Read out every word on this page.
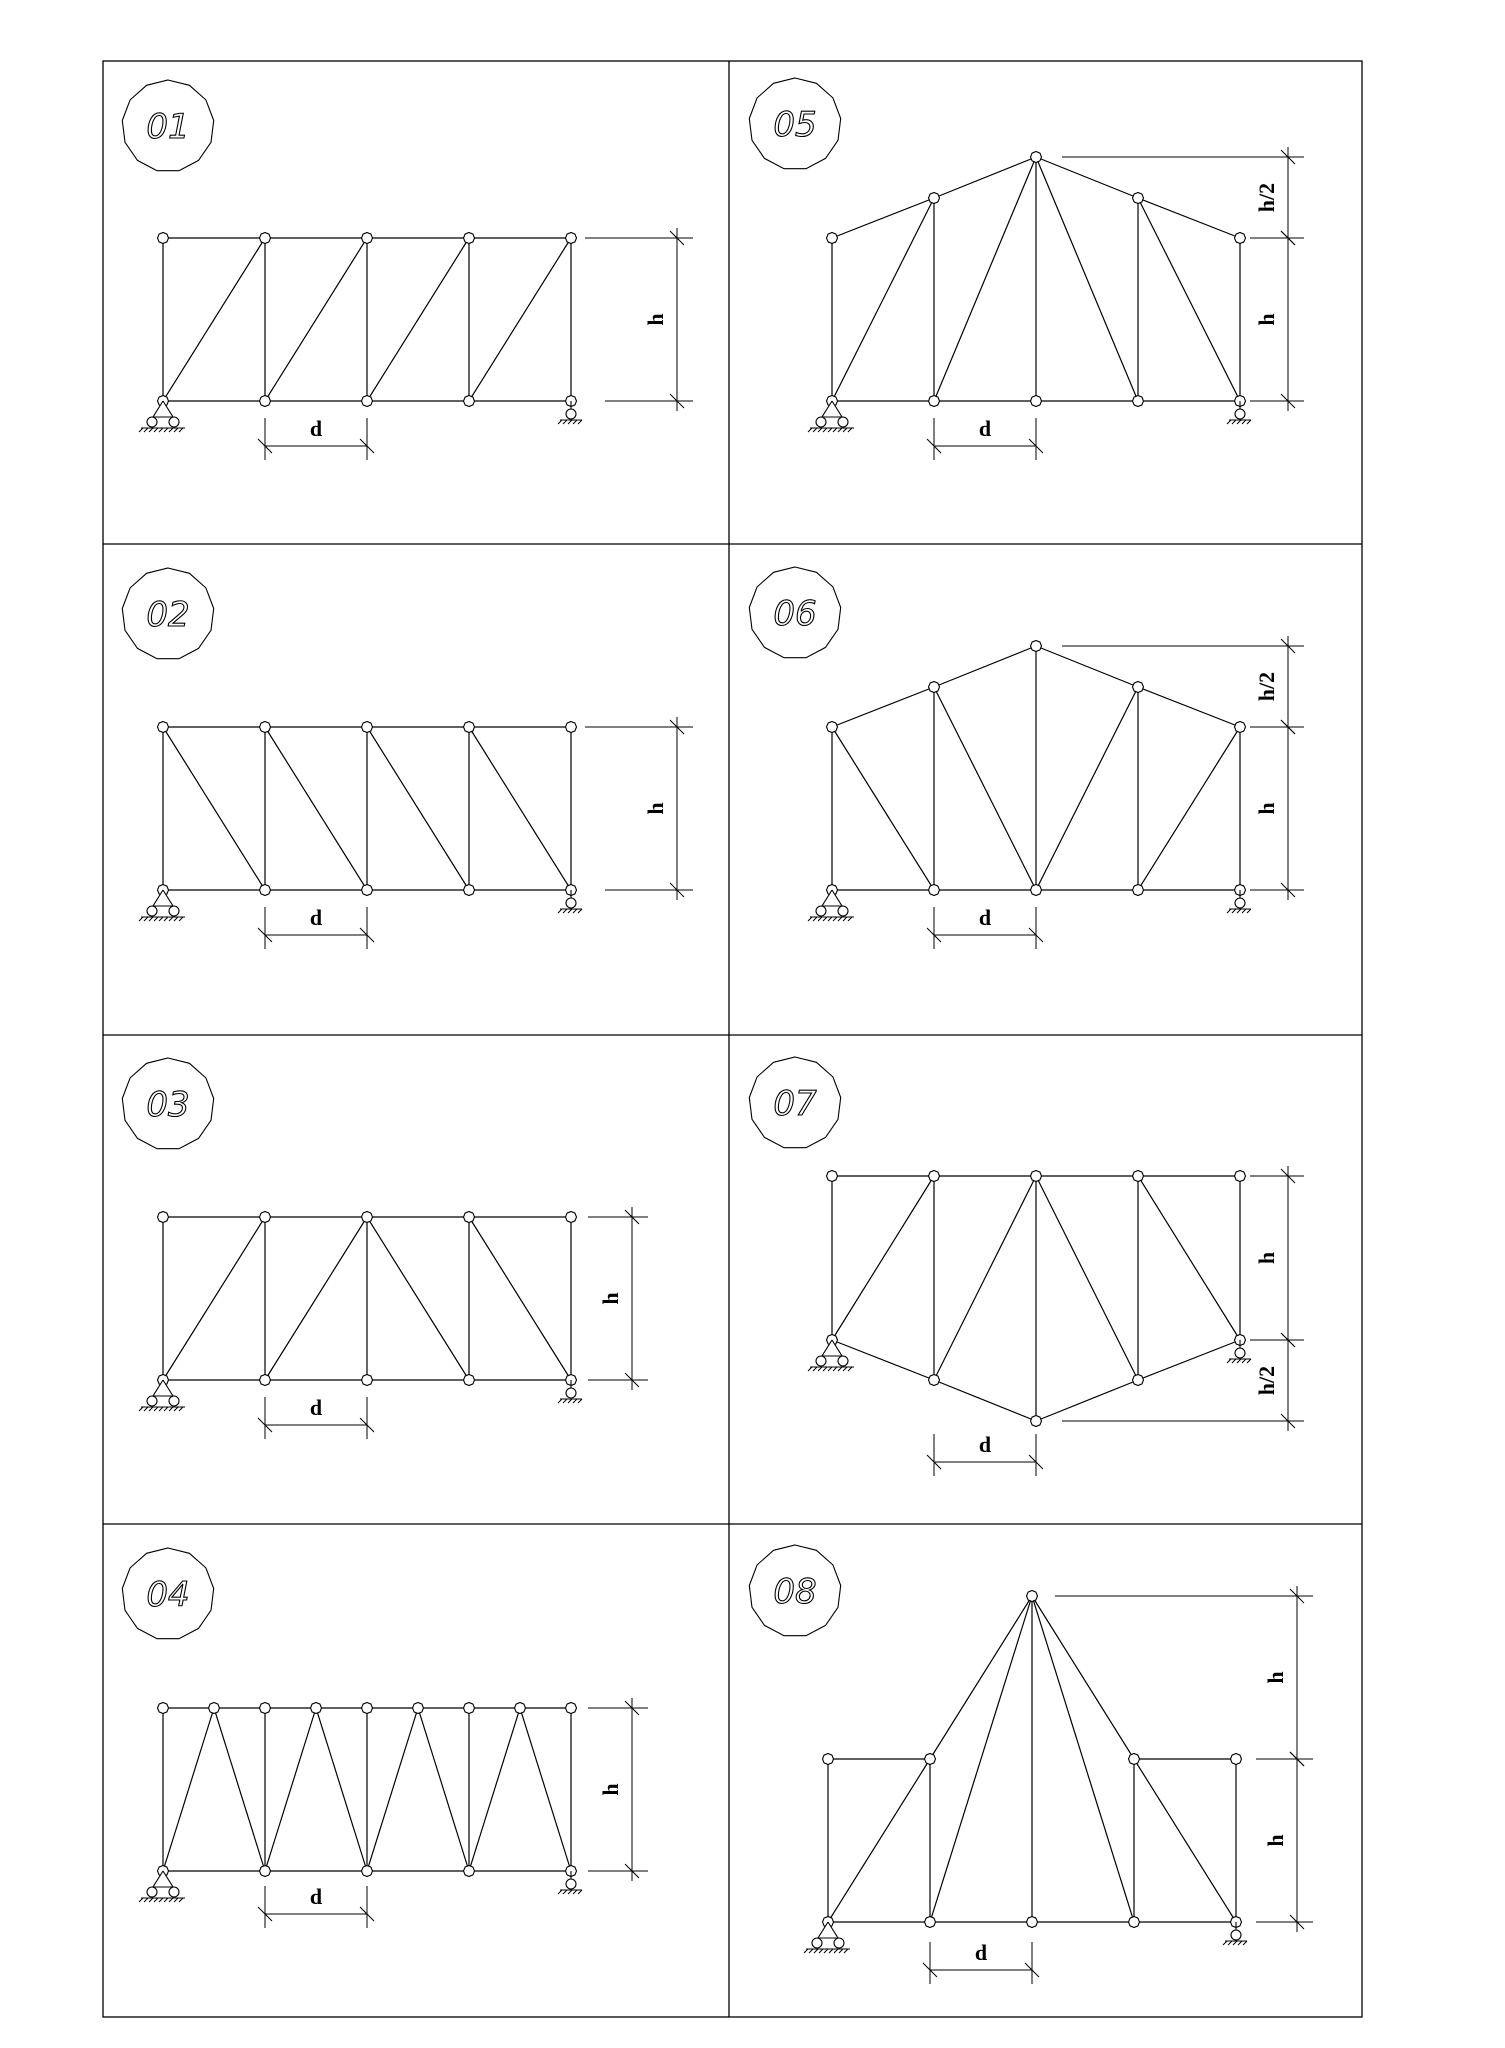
01
d
h
02
d
h
03
d
h
04
d
h
05
d
h
h/2
06
d
h
h/2
07
d
h
h/2
08
d
h
h
